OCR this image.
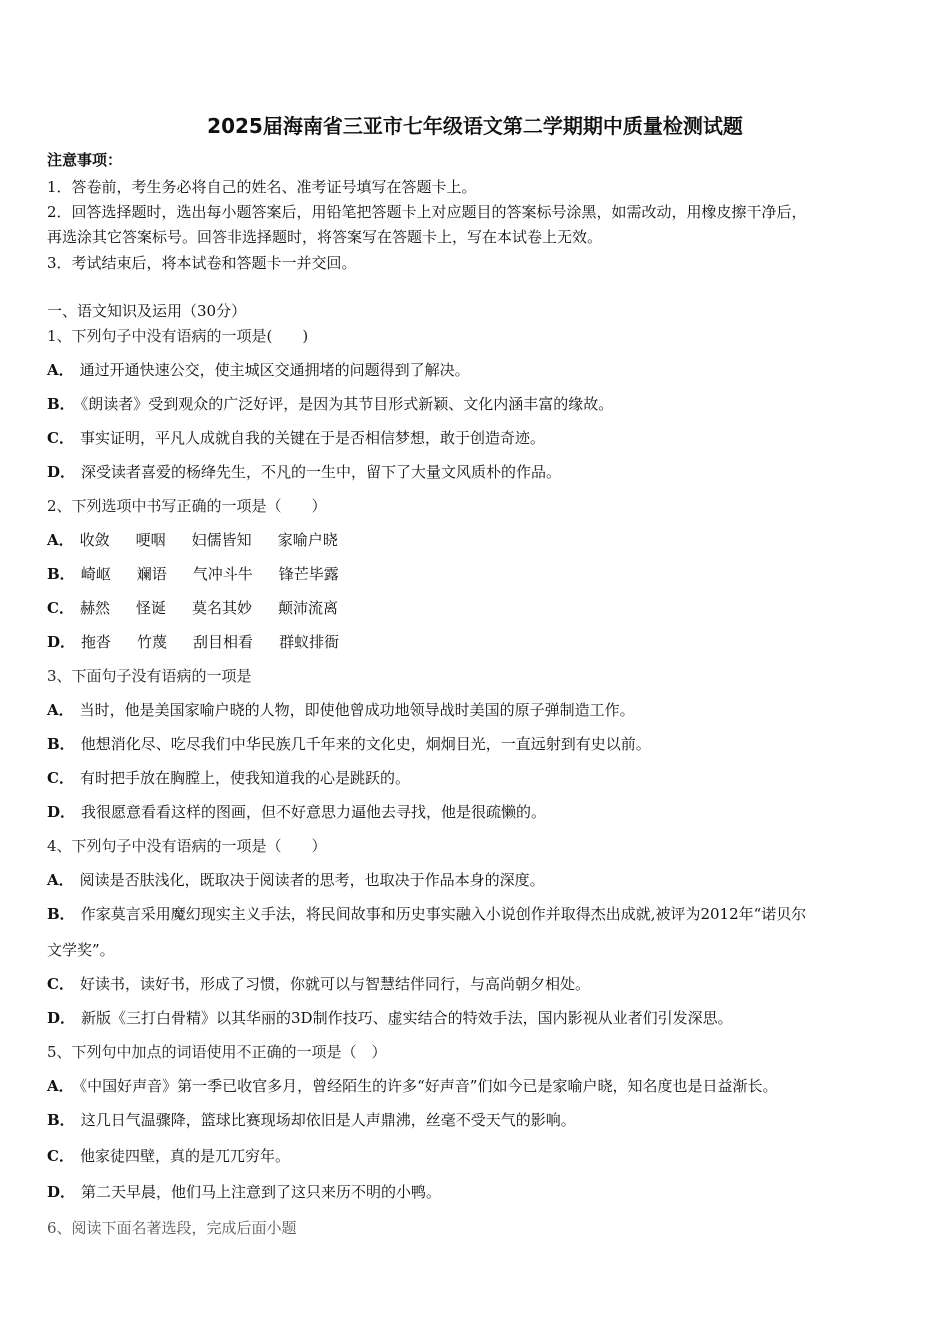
2025届海南省三亚市七年级语文第二学期期中质量检测试题
注意事项：
1．答卷前，考生务必将自己的姓名、准考证号填写在答题卡上。
2．回答选择题时，选出每小题答案后，用铅笔把答题卡上对应题目的答案标号涂黑，如需改动，用橡皮擦干净后，
再选涂其它答案标号。回答非选择题时，将答案写在答题卡上，写在本试卷上无效。
3．考试结束后，将本试卷和答题卡一并交回。
一、语文知识及运用（30分）
1、下列句子中没有语病的一项是(　　)
A． 通过开通快速公交，使主城区交通拥堵的问题得到了解决。
B． 《朗读者》受到观众的广泛好评，是因为其节目形式新颖、文化内涵丰富的缘故。
C． 事实证明，平凡人成就自我的关键在于是否相信梦想，敢于创造奇迹。
D． 深受读者喜爱的杨绛先生，不凡的一生中，留下了大量文风质朴的作品。
2、下列选项中书写正确的一项是（　　）
A． 收敛 哽咽 妇儒皆知 家喻户晓
B． 崎岖 斓语 气冲斗牛 锋芒毕露
C． 赫然 怪诞 莫名其妙 颠沛流离
D． 拖沓 竹蔑 刮目相看 群蚁排衙
3、下面句子没有语病的一项是
A． 当时，他是美国家喻户晓的人物，即使他曾成功地领导战时美国的原子弹制造工作。
B． 他想消化尽、吃尽我们中华民族几千年来的文化史，炯炯目光，一直远射到有史以前。
C． 有时把手放在胸膛上，使我知道我的心是跳跃的。
D． 我很愿意看看这样的图画，但不好意思力逼他去寻找，他是很疏懒的。
4、下列句子中没有语病的一项是（　　）
A． 阅读是否肤浅化，既取决于阅读者的思考，也取决于作品本身的深度。
B． 作家莫言采用魔幻现实主义手法，将民间故事和历史事实融入小说创作并取得杰出成就,被评为2012年“诺贝尔
文学奖”。
C． 好读书，读好书，形成了习惯，你就可以与智慧结伴同行，与高尚朝夕相处。
D． 新版《三打白骨精》以其华丽的3D制作技巧、虚实结合的特效手法，国内影视从业者们引发深思。
5、下列句中加点的词语使用不正确的一项是（　）
A． 《中国好声音》第一季已收官多月，曾经陌生的许多“好声音”们如今已是家喻户晓，知名度也是日益渐长。
B． 这几日气温骤降，篮球比赛现场却依旧是人声鼎沸，丝毫不受天气的影响。
C． 他家徒四壁，真的是兀兀穷年。
D． 第二天早晨，他们马上注意到了这只来历不明的小鸭。
6、阅读下面名著选段，完成后面小题
